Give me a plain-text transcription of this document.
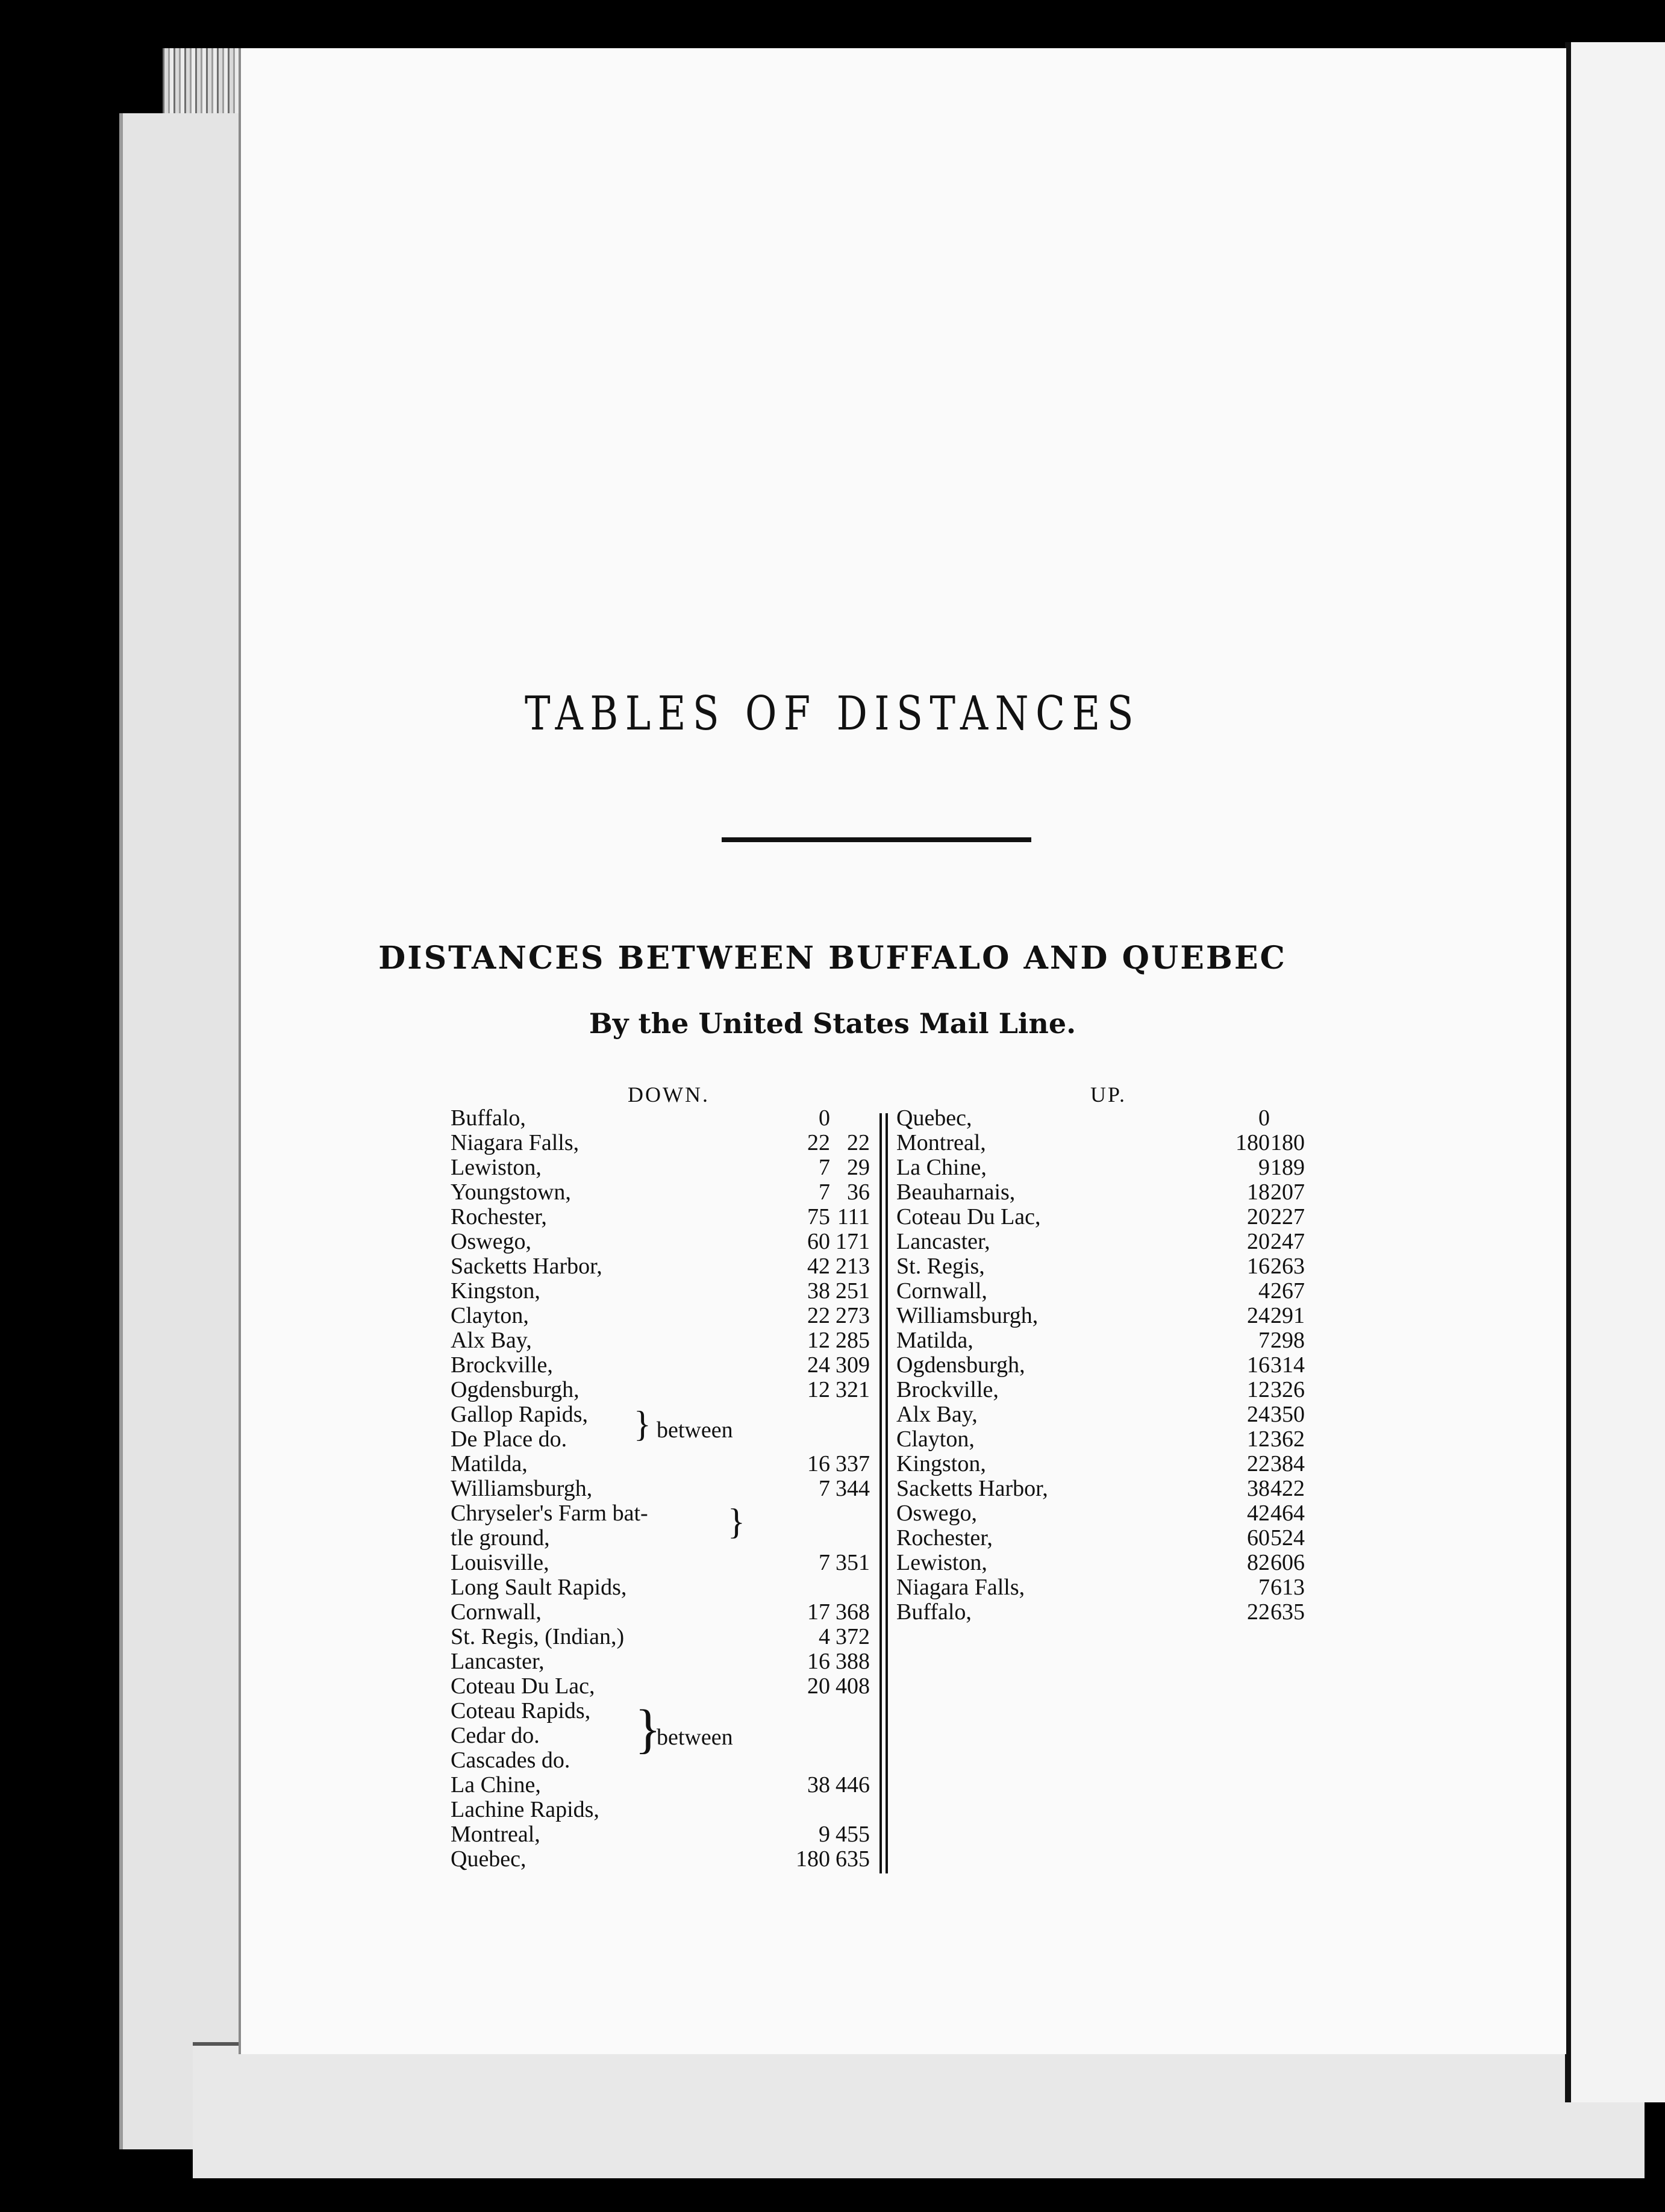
TABLES OF DISTANCES
DISTANCES BETWEEN BUFFALO AND QUEBEC
By the United States Mail Line.
DOWN.	UP.
Buffalo,	0
Niagara Falls,	22 22
Lewiston,	7 29
Youngstown,	7 36
Rochester,	75 111
Oswego,	60 171
Sacketts Harbor,	42 213
Kingston,	38 251
Clayton,	22 273
Alx Bay,	12 285
Brockville,	24 309
Ogdensburgh,	12 321
Gallop Rapids,
De Place do.
Matilda,	16 337
Williamsburgh,	7 344
Chryseler's Farm bat-
tle ground,
Louisville,	7 351
Long Sault Rapids,
Cornwall,	17 368
St. Regis, (Indian,)	4 372
Lancaster,	16 388
Coteau Du Lac,	20 408
Coteau Rapids,
Cedar do.
Cascades do.
La Chine,	38 446
Lachine Rapids,
Montreal,	9 455
Quebec,	180 635
Quebec,	0
Montreal,	180 180
La Chine,	9 189
Beauharnais,	18 207
Coteau Du Lac,	20 227
Lancaster,	20 247
St. Regis,	16 263
Cornwall,	4 267
Williamsburgh,	24 291
Matilda,	7 298
Ogdensburgh,	16 314
Brockville,	12 326
Alx Bay,	24 350
Clayton,	12 362
Kingston,	22 384
Sacketts Harbor,	38 422
Oswego,	42 464
Rochester,	60 524
Lewiston,	82 606
Niagara Falls,	7 613
Buffalo,	22 635
} between
}
}
between
